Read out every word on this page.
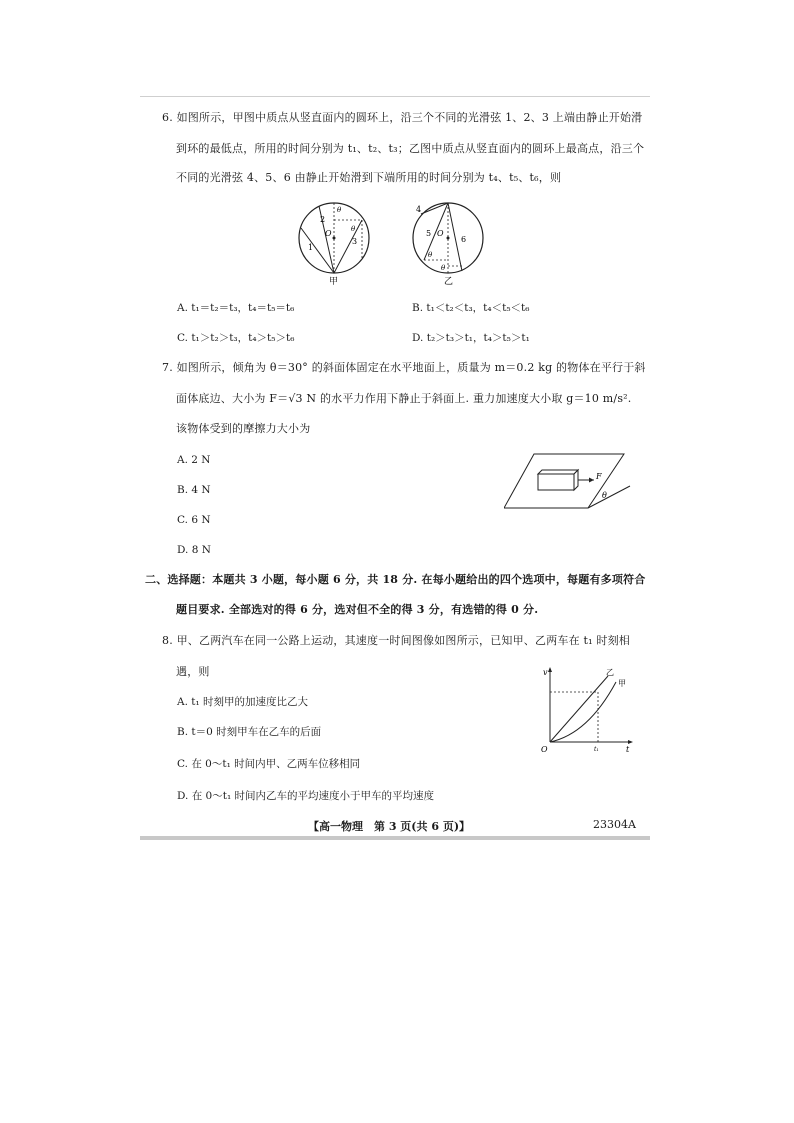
6. 如图所示，甲图中质点从竖直面内的圆环上，沿三个不同的光滑弦 1、2、3 上端由静止开始滑
到环的最低点，所用的时间分别为 t₁、t₂、t₃；乙图中质点从竖直面内的圆环上最高点，沿三个
不同的光滑弦 4、5、6 由静止开始滑到下端所用的时间分别为 t₄、t₅、t₆，则
1
2
3
θ
θ
O
甲
4
5
6
O
θ
θ
乙
A. t₁＝t₂＝t₃，t₄＝t₅＝t₆	B. t₁＜t₂＜t₃，t₄＜t₅＜t₆
C. t₁＞t₂＞t₃，t₄＞t₅＞t₆	D. t₂＞t₃＞t₁，t₄＞t₅＞t₁
7. 如图所示，倾角为 θ＝30° 的斜面体固定在水平地面上，质量为 m＝0.2 kg 的物体在平行于斜
面体底边、大小为 F＝√3 N 的水平力作用下静止于斜面上. 重力加速度大小取 g＝10 m/s².
该物体受到的摩擦力大小为
A. 2 N
B. 4 N
C. 6 N
D. 8 N
F
θ
二、选择题：本题共 3 小题，每小题 6 分，共 18 分. 在每小题给出的四个选项中，每题有多项符合
题目要求. 全部选对的得 6 分，选对但不全的得 3 分，有选错的得 0 分.
8. 甲、乙两汽车在同一公路上运动，其速度一时间图像如图所示，已知甲、乙两车在 t₁ 时刻相
遇，则
A. t₁ 时刻甲的加速度比乙大
B. t＝0 时刻甲车在乙车的后面
C. 在 0～t₁ 时间内甲、乙两车位移相同
D. 在 0～t₁ 时间内乙车的平均速度小于甲车的平均速度
v
t
O	t₁
乙
甲
【高一物理　第 3 页(共 6 页)】	23304A
